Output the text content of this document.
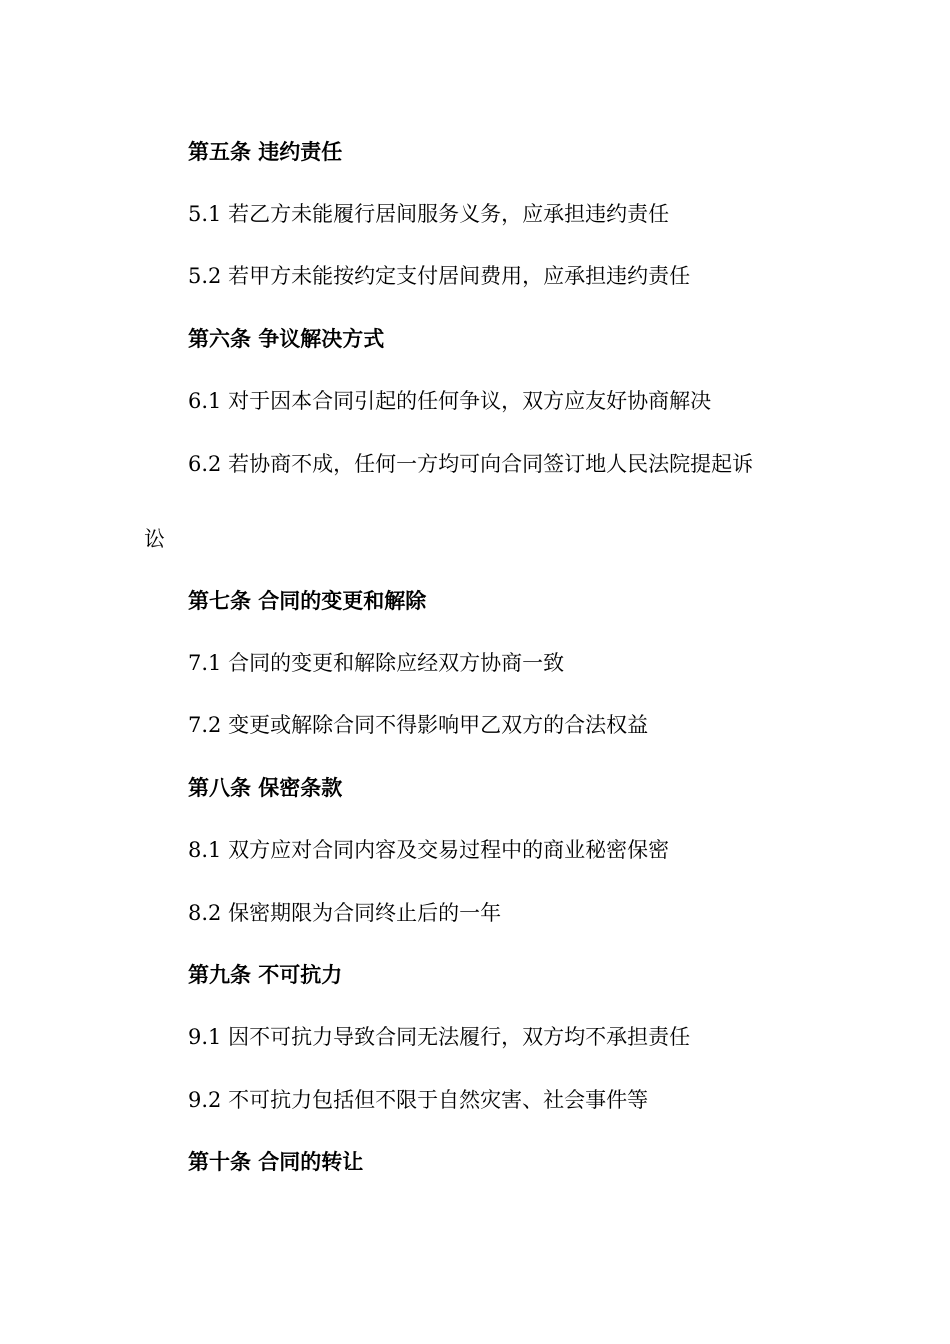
第五条 违约责任

5.1 若乙方未能履行居间服务义务，应承担违约责任

5.2 若甲方未能按约定支付居间费用，应承担违约责任

第六条 争议解决方式

6.1 对于因本合同引起的任何争议，双方应友好协商解决

6.2 若协商不成，任何一方均可向合同签订地人民法院提起诉

讼

第七条 合同的变更和解除

7.1 合同的变更和解除应经双方协商一致

7.2 变更或解除合同不得影响甲乙双方的合法权益

第八条 保密条款

8.1 双方应对合同内容及交易过程中的商业秘密保密

8.2 保密期限为合同终止后的一年

第九条 不可抗力

9.1 因不可抗力导致合同无法履行，双方均不承担责任

9.2 不可抗力包括但不限于自然灾害、社会事件等

第十条 合同的转让
